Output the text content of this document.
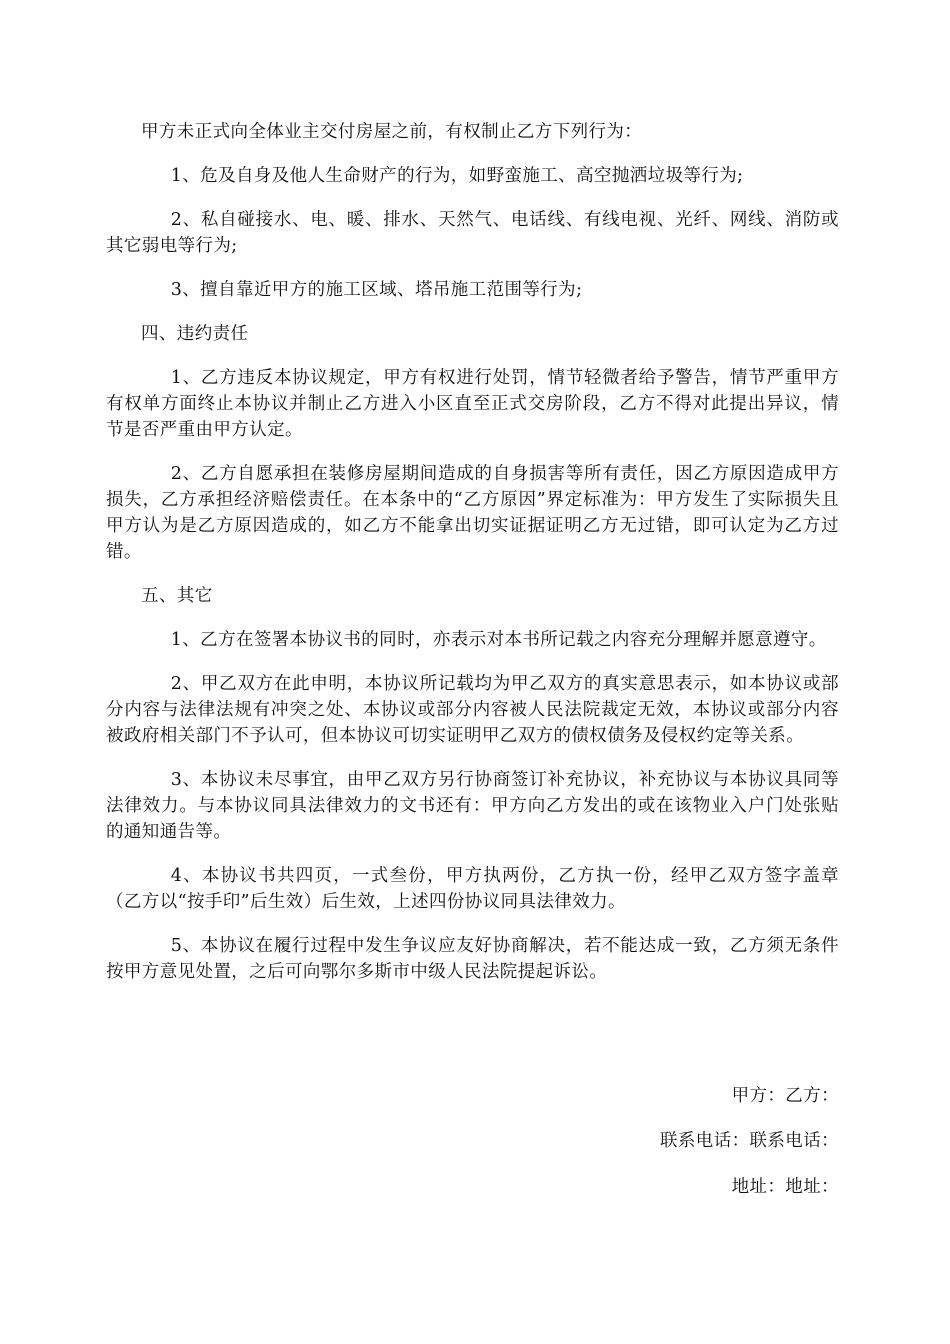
甲方未正式向全体业主交付房屋之前，有权制止乙方下列行为：

1、危及自身及他人生命财产的行为，如野蛮施工、高空抛洒垃圾等行为;

2、私自碰接水、电、暖、排水、天然气、电话线、有线电视、光纤、网线、消防或其它弱电等行为;

3、擅自靠近甲方的施工区域、塔吊施工范围等行为;

四、违约责任

1、乙方违反本协议规定，甲方有权进行处罚，情节轻微者给予警告，情节严重甲方有权单方面终止本协议并制止乙方进入小区直至正式交房阶段，乙方不得对此提出异议，情节是否严重由甲方认定。

2、乙方自愿承担在装修房屋期间造成的自身损害等所有责任，因乙方原因造成甲方损失，乙方承担经济赔偿责任。在本条中的“乙方原因”界定标准为：甲方发生了实际损失且甲方认为是乙方原因造成的，如乙方不能拿出切实证据证明乙方无过错，即可认定为乙方过错。

五、其它

1、乙方在签署本协议书的同时，亦表示对本书所记载之内容充分理解并愿意遵守。

2、甲乙双方在此申明，本协议所记载均为甲乙双方的真实意思表示，如本协议或部分内容与法律法规有冲突之处、本协议或部分内容被人民法院裁定无效，本协议或部分内容被政府相关部门不予认可，但本协议可切实证明甲乙双方的债权债务及侵权约定等关系。

3、本协议未尽事宜，由甲乙双方另行协商签订补充协议，补充协议与本协议具同等法律效力。与本协议同具法律效力的文书还有：甲方向乙方发出的或在该物业入户门处张贴的通知通告等。

4、本协议书共四页，一式叁份，甲方执两份，乙方执一份，经甲乙双方签字盖章（乙方以“按手印”后生效）后生效，上述四份协议同具法律效力。

5、本协议在履行过程中发生争议应友好协商解决，若不能达成一致，乙方须无条件按甲方意见处置，之后可向鄂尔多斯市中级人民法院提起诉讼。

甲方：乙方：
联系电话：联系电话：
地址：地址：
